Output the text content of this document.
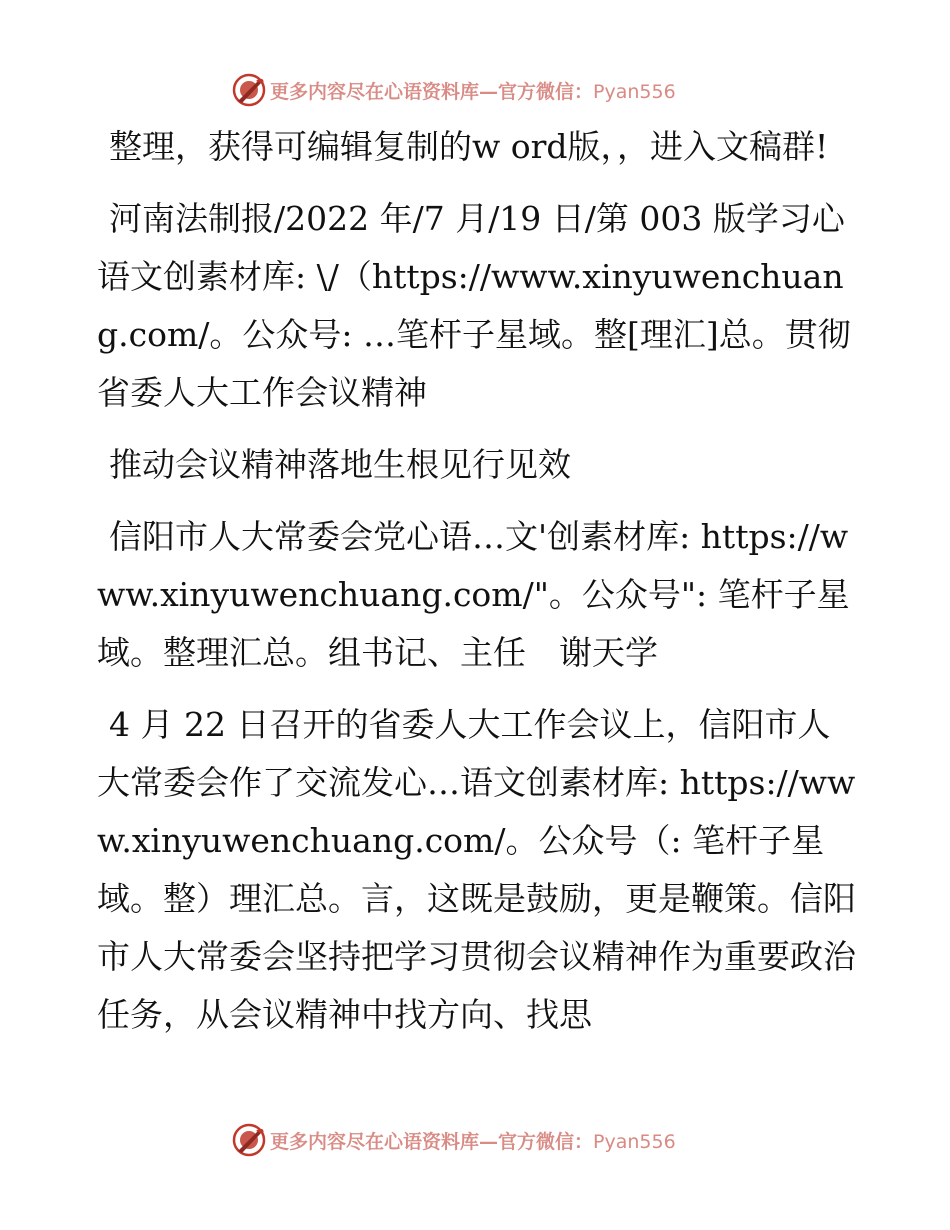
更多内容尽在心语资料库—官方微信：Pyan556

整理，获得可编辑复制的w ord版，，进入文稿群!

河南法制报/2022 年/7 月/19 日/第 003 版学习心语文创素材库: \/（https://www.xinyuwenchuang.com/。公众号: …笔杆子星域。整[理汇]总。贯彻省委人大工作会议精神

推动会议精神落地生根见行见效

信阳市人大常委会党心语…文'创素材库: https://www.xinyuwenchuang.com/"。公众号": 笔杆子星域。整理汇总。组书记、主任　谢天学

4 月 22 日召开的省委人大工作会议上，信阳市人大常委会作了交流发心…语文创素材库: https://www.xinyuwenchuang.com/。公众号（: 笔杆子星域。整）理汇总。言，这既是鼓励，更是鞭策。信阳市人大常委会坚持把学习贯彻会议精神作为重要政治任务，从会议精神中找方向、找思

更多内容尽在心语资料库—官方微信：Pyan556
